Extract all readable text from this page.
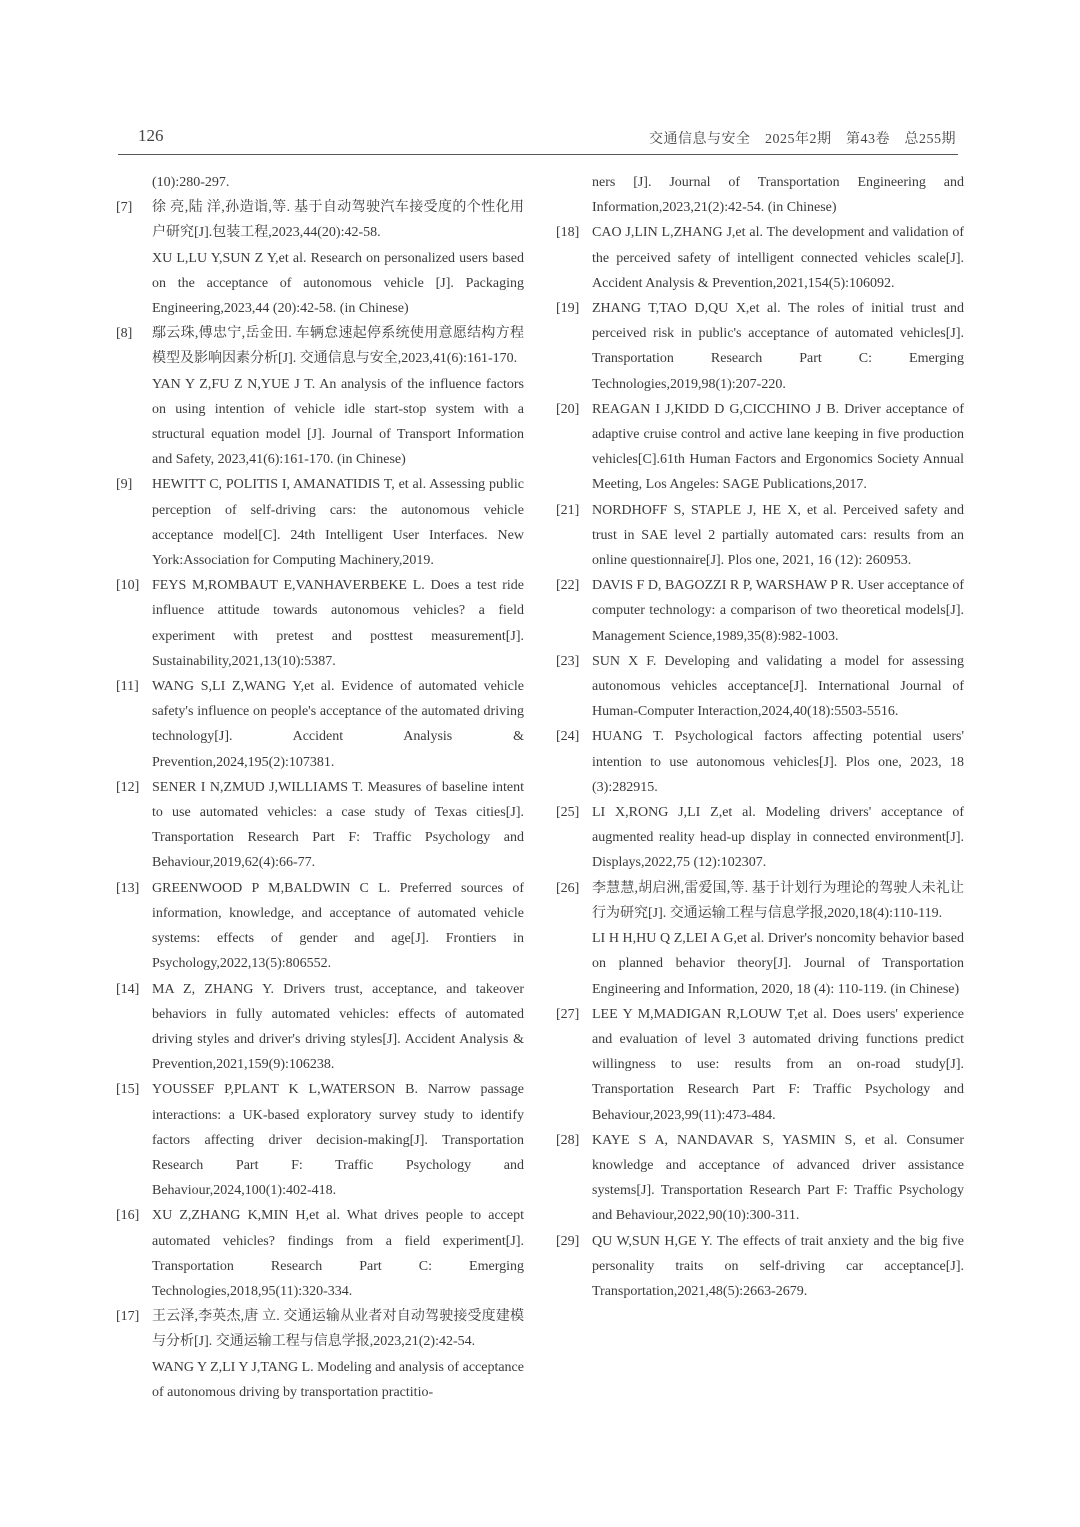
126	交通信息与安全　2025年2期　第43卷　总255期

(10):280-297.

[7] 徐 亮,陆 洋,孙造诣,等. 基于自动驾驶汽车接受度的个性化用户研究[J].包装工程,2023,44(20):42-58.

XU L,LU Y,SUN Z Y,et al. Research on personalized users based on the acceptance of autonomous vehicle [J]. Packaging Engineering,2023,44 (20):42-58. (in Chinese)

[8] 鄢云珠,傅忠宁,岳金田. 车辆怠速起停系统使用意愿结构方程模型及影响因素分析[J]. 交通信息与安全,2023,41(6):161-170.

YAN Y Z,FU Z N,YUE J T. An analysis of the influence factors on using intention of vehicle idle start-stop system with a structural equation model [J]. Journal of Transport Information and Safety, 2023,41(6):161-170. (in Chinese)

[9] HEWITT C, POLITIS I, AMANATIDIS T, et al. Assessing public perception of self-driving cars: the autonomous vehicle acceptance model[C]. 24th Intelligent User Interfaces. New York:Association for Computing Machinery,2019.

[10] FEYS M,ROMBAUT E,VANHAVERBEKE L. Does a test ride influence attitude towards autonomous vehicles? a field experiment with pretest and posttest measurement[J]. Sustainability,2021,13(10):5387.

[11] WANG S,LI Z,WANG Y,et al. Evidence of automated vehicle safety's influence on people's acceptance of the automated driving technology[J]. Accident Analysis & Prevention,2024,195(2):107381.

[12] SENER I N,ZMUD J,WILLIAMS T. Measures of baseline intent to use automated vehicles: a case study of Texas cities[J]. Transportation Research Part F: Traffic Psychology and Behaviour,2019,62(4):66-77.

[13] GREENWOOD P M,BALDWIN C L. Preferred sources of information, knowledge, and acceptance of automated vehicle systems: effects of gender and age[J]. Frontiers in Psychology,2022,13(5):806552.

[14] MA Z, ZHANG Y. Drivers trust, acceptance, and takeover behaviors in fully automated vehicles: effects of automated driving styles and driver's driving styles[J]. Accident Analysis & Prevention,2021,159(9):106238.

[15] YOUSSEF P,PLANT K L,WATERSON B. Narrow passage interactions: a UK-based exploratory survey study to identify factors affecting driver decision-making[J]. Transportation Research Part F: Traffic Psychology and Behaviour,2024,100(1):402-418.

[16] XU Z,ZHANG K,MIN H,et al. What drives people to accept automated vehicles? findings from a field experiment[J]. Transportation Research Part C: Emerging Technologies,2018,95(11):320-334.

[17] 王云泽,李英杰,唐 立. 交通运输从业者对自动驾驶接受度建模与分析[J]. 交通运输工程与信息学报,2023,21(2):42-54.

WANG Y Z,LI Y J,TANG L. Modeling and analysis of acceptance of autonomous driving by transportation practitio-

ners [J]. Journal of Transportation Engineering and Information,2023,21(2):42-54. (in Chinese)

[18] CAO J,LIN L,ZHANG J,et al. The development and validation of the perceived safety of intelligent connected vehicles scale[J]. Accident Analysis & Prevention,2021,154(5):106092.

[19] ZHANG T,TAO D,QU X,et al. The roles of initial trust and perceived risk in public's acceptance of automated vehicles[J]. Transportation Research Part C: Emerging Technologies,2019,98(1):207-220.

[20] REAGAN I J,KIDD D G,CICCHINO J B. Driver acceptance of adaptive cruise control and active lane keeping in five production vehicles[C].61th Human Factors and Ergonomics Society Annual Meeting, Los Angeles: SAGE Publications,2017.

[21] NORDHOFF S, STAPLE J, HE X, et al. Perceived safety and trust in SAE level 2 partially automated cars: results from an online questionnaire[J]. Plos one, 2021, 16 (12): 260953.

[22] DAVIS F D, BAGOZZI R P, WARSHAW P R. User acceptance of computer technology: a comparison of two theoretical models[J]. Management Science,1989,35(8):982-1003.

[23] SUN X F. Developing and validating a model for assessing autonomous vehicles acceptance[J]. International Journal of Human-Computer Interaction,2024,40(18):5503-5516.

[24] HUANG T. Psychological factors affecting potential users' intention to use autonomous vehicles[J]. Plos one, 2023, 18 (3):282915.

[25] LI X,RONG J,LI Z,et al. Modeling drivers' acceptance of augmented reality head-up display in connected environment[J]. Displays,2022,75 (12):102307.

[26] 李慧慧,胡启洲,雷爱国,等. 基于计划行为理论的驾驶人未礼让行为研究[J]. 交通运输工程与信息学报,2020,18(4):110-119.

LI H H,HU Q Z,LEI A G,et al. Driver's noncomity behavior based on planned behavior theory[J]. Journal of Transportation Engineering and Information, 2020, 18 (4): 110-119. (in Chinese)

[27] LEE Y M,MADIGAN R,LOUW T,et al. Does users' experience and evaluation of level 3 automated driving functions predict willingness to use: results from an on-road study[J]. Transportation Research Part F: Traffic Psychology and Behaviour,2023,99(11):473-484.

[28] KAYE S A, NANDAVAR S, YASMIN S, et al. Consumer knowledge and acceptance of advanced driver assistance systems[J]. Transportation Research Part F: Traffic Psychology and Behaviour,2022,90(10):300-311.

[29] QU W,SUN H,GE Y. The effects of trait anxiety and the big five personality traits on self-driving car acceptance[J]. Transportation,2021,48(5):2663-2679.
